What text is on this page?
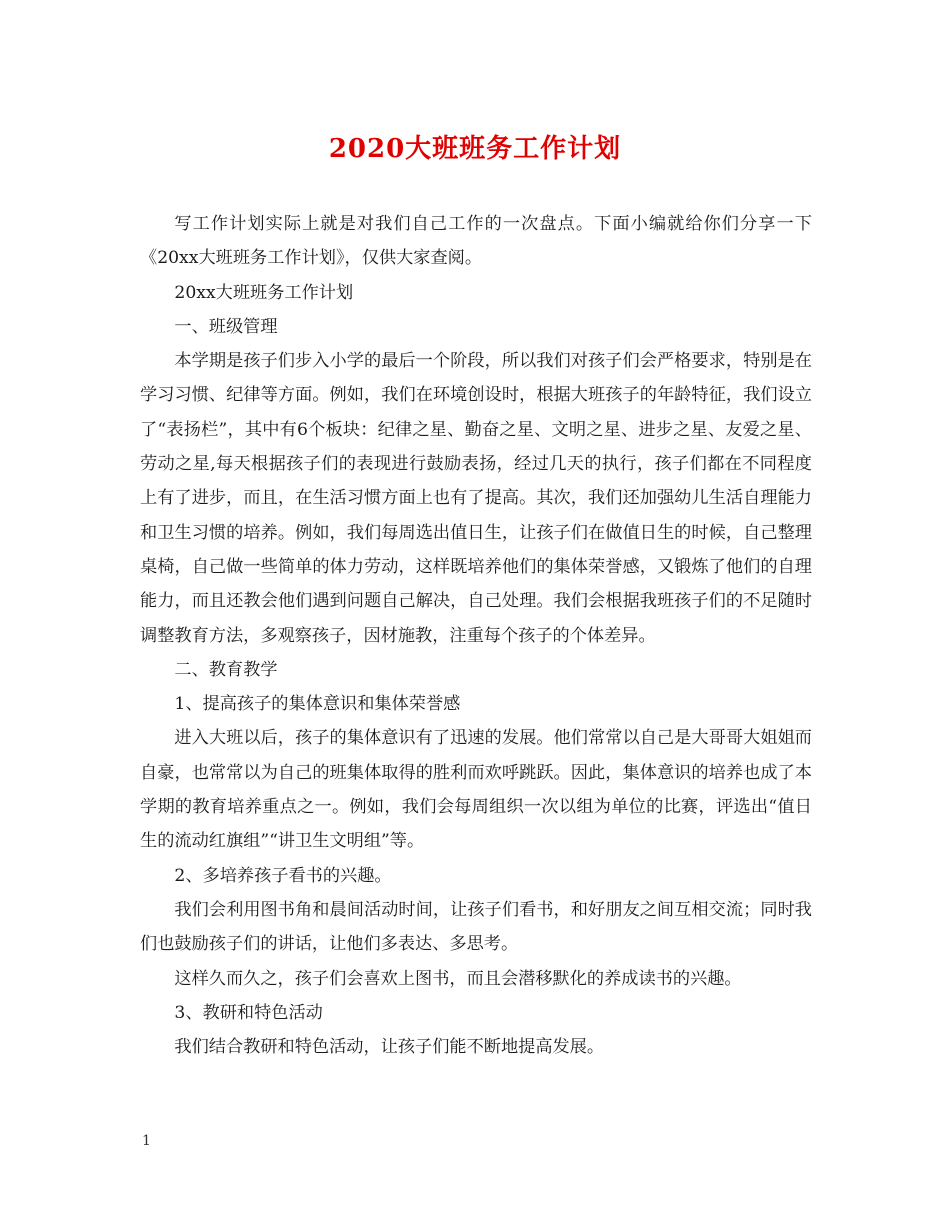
2020大班班务工作计划

写工作计划实际上就是对我们自己工作的一次盘点。下面小编就给你们分享一下《20xx大班班务工作计划》，仅供大家查阅。

20xx大班班务工作计划

一、班级管理

本学期是孩子们步入小学的最后一个阶段，所以我们对孩子们会严格要求，特别是在学习习惯、纪律等方面。例如，我们在环境创设时，根据大班孩子的年龄特征，我们设立了“表扬栏”，其中有6个板块：纪律之星、勤奋之星、文明之星、进步之星、友爱之星、劳动之星,每天根据孩子们的表现进行鼓励表扬，经过几天的执行，孩子们都在不同程度上有了进步，而且，在生活习惯方面上也有了提高。其次，我们还加强幼儿生活自理能力和卫生习惯的培养。例如，我们每周选出值日生，让孩子们在做值日生的时候，自己整理桌椅，自己做一些简单的体力劳动，这样既培养他们的集体荣誉感，又锻炼了他们的自理能力，而且还教会他们遇到问题自己解决，自己处理。我们会根据我班孩子们的不足随时调整教育方法，多观察孩子，因材施教，注重每个孩子的个体差异。

二、教育教学

1、提高孩子的集体意识和集体荣誉感

进入大班以后，孩子的集体意识有了迅速的发展。他们常常以自己是大哥哥大姐姐而自豪，也常常以为自己的班集体取得的胜利而欢呼跳跃。因此，集体意识的培养也成了本学期的教育培养重点之一。例如，我们会每周组织一次以组为单位的比赛，评选出“值日生的流动红旗组”“讲卫生文明组”等。

2、多培养孩子看书的兴趣。

我们会利用图书角和晨间活动时间，让孩子们看书，和好朋友之间互相交流；同时我们也鼓励孩子们的讲话，让他们多表达、多思考。

这样久而久之，孩子们会喜欢上图书，而且会潜移默化的养成读书的兴趣。

3、教研和特色活动

我们结合教研和特色活动，让孩子们能不断地提高发展。

1
